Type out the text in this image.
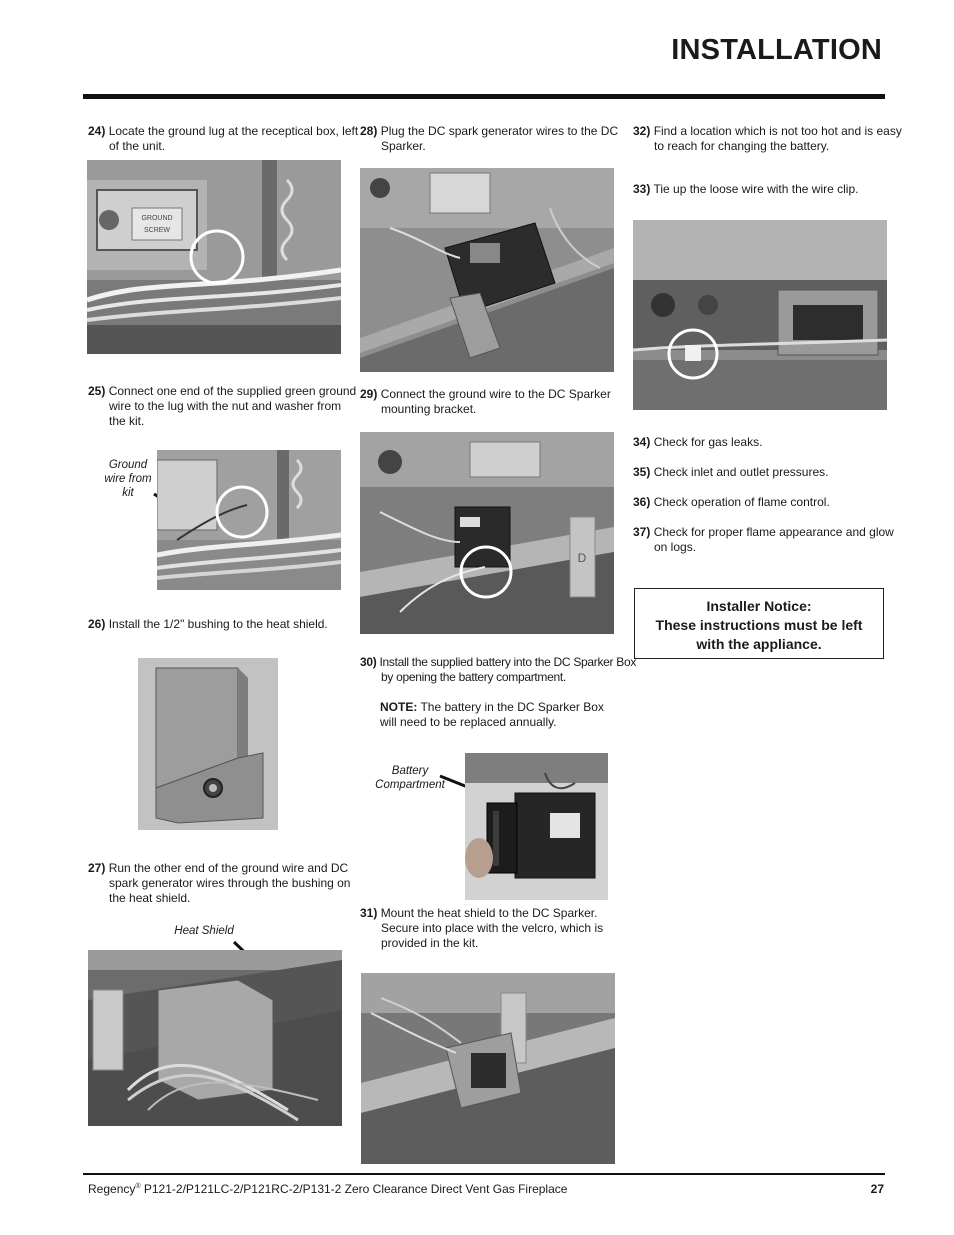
INSTALLATION
24) Locate the ground lug at the receptical box, left of the unit.
GROUND
SCREW
25) Connect one end of the supplied green ground wire to the lug with the nut and washer from the kit.
Ground
wire from
kit
26) Install the 1/2" bushing to the heat shield.
27) Run the other end of the ground wire and DC spark generator wires through the bushing on the heat shield.
Heat Shield
28) Plug the DC spark generator wires to the DC Sparker.
29) Connect the ground wire to the DC Sparker mounting bracket.
D
30) Install the supplied battery into the DC Sparker Box by opening the battery compartment.
NOTE: The battery in the DC Sparker Box will need to be replaced annually.
Battery
Compartment
31) Mount the heat shield to the DC Sparker. Secure into place with the velcro, which is provided in the kit.
32) Find a location which is not too hot and is easy to reach for changing the battery.
33) Tie up the loose wire with the wire clip.
34) Check for gas leaks.
35) Check inlet and outlet pressures.
36) Check operation of flame control.
37) Check for proper flame appearance and glow on logs.
Installer Notice:
These instructions must be left
with the appliance.
Regency® P121-2/P121LC-2/P121RC-2/P131-2 Zero Clearance Direct Vent Gas Fireplace	27
